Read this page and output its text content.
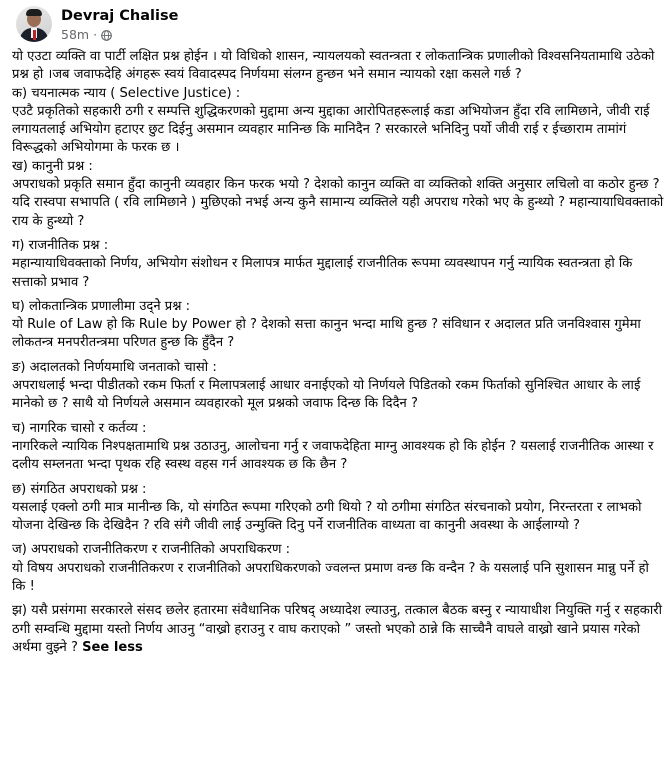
Devraj Chalise
58m ·

यो एउटा व्यक्ति वा पार्टी लक्षित प्रश्न होईन । यो विधिको शासन, न्यायलयको स्वतन्त्रता र लोकतान्त्रिक प्रणालीको विश्वसनियतामाथि उठेको प्रश्न हो ।जब जवाफदेहि अंगहरू स्वयं विवादस्पद निर्णयमा संलग्न हुन्छन भने समान न्यायको रक्षा कसले गर्छ ?

क) चयनात्मक न्याय ( Selective Justice) :

एउटै प्रकृतिको सहकारी ठगी र सम्पत्ति शुद्धिकरणको मुद्दामा अन्य मुद्दाका आरोपितहरूलाई कडा अभियोजन हुँदा रवि लामिछाने, जीवी राई लगायतलाई अभियोग हटाएर छुट दिईनु असमान व्यवहार मानिन्छ कि मानिदैन ? सरकारले भनिदिनु पर्यो जीवी राई र ईच्छाराम तामांगं विरूद्धको अभियोगमा के फरक छ ।

ख) कानुनी प्रश्न :

अपराधको प्रकृति समान हुँदा कानुनी व्यवहार किन फरक भयो ? देशको कानुन व्यक्ति वा व्यक्तिको शक्ति अनुसार लचिलो वा कठोर हुन्छ ? यदि रास्वपा सभापति ( रवि लामिछाने ) मुछिएको नभई अन्य कुनै सामान्य व्यक्तिले यही अपराध गरेको भए के हुन्थ्यो ? महान्यायाधिवक्ताको राय के हुन्थ्यो ?

ग) राजनीतिक प्रश्न :

महान्यायाधिवक्ताको निर्णय, अभियोग संशोधन र मिलापत्र मार्फत मुद्दालाई राजनीतिक रूपमा व्यवस्थापन गर्नु न्यायिक स्वतन्त्रता हो कि सत्ताको प्रभाव ?

घ) लोकतान्त्रिक प्रणालीमा उद्नेे प्रश्न :

यो Rule of Law हो कि Rule by Power हो ? देशको सत्ता कानुन भन्दा माथि हुन्छ ? संविधान र अदालत प्रति जनविश्वास गुमेमा लोकतन्त्र मनपरीतन्त्रमा परिणत हुन्छ कि हुँदैन ?

ङ) अदालतको निर्णयमाथि जनताको चासो :

अपराधलाई भन्दा पीडीतको रकम फिर्ता र मिलापत्रलाई आधार वनाईएको यो निर्णयले पिडितको रकम फिर्ताको सुनिश्चित आधार के लाई मानेको छ ? साथै यो निर्णयले असमान व्यवहारको मूल प्रश्नको जवाफ दिन्छ कि दिदैन ?

च) नागरिक चासो र कर्तव्य :

नागरिकले न्यायिक निश्पक्षतामाथि प्रश्न उठाउनु, आलोचना गर्नु र जवाफदेहिता माग्नु आवश्यक हो कि होईन ? यसलाई राजनीतिक आस्था र दलीय सम्लनता भन्दा पृथक रहि स्वस्थ वहस गर्न आवश्यक छ कि छैन ?

छ) संगठित अपराधको प्रश्न :

यसलाई एक्लो ठगी मात्र मानीन्छ कि, यो संगठित रूपमा गरिएको ठगी थियो ? यो ठगीमा संगठित संरचनाको प्रयोग, निरन्तरता र लाभको योजना देखिन्छ कि देखिदैन ? रवि संगै जीवी लाई उन्मुक्ति दिनु पर्ने राजनीतिक वाध्यता वा कानुनी अवस्था के आईलाग्यो ?

ज) अपराधको राजनीतिकरण र राजनीतिको अपराधिकरण :

यो विषय अपराधको राजनीतिकरण र राजनीतिको अपराधिकरणको ज्वलन्त प्रमाण वन्छ कि वन्दैन ? के यसलाई पनि सुशासन मान्नु पर्ने हो कि !

झ) यसै प्रसंगमा सरकारले संसद छलेर हतारमा संवैधानिक परिषद् अध्यादेश ल्याउनु, तत्काल बैठक बस्नु र न्यायाधीश नियुक्ति गर्नु र सहकारी ठगी सम्वन्धि मुद्दामा यस्तो निर्णय आउनु “वाख्रो हराउनु र वाघ कराएको ” जस्तो भएको ठान्ने कि साच्चैनै वाघले वाख्रो खाने प्रयास गरेको अर्थमा वुझ्ने ? See less
